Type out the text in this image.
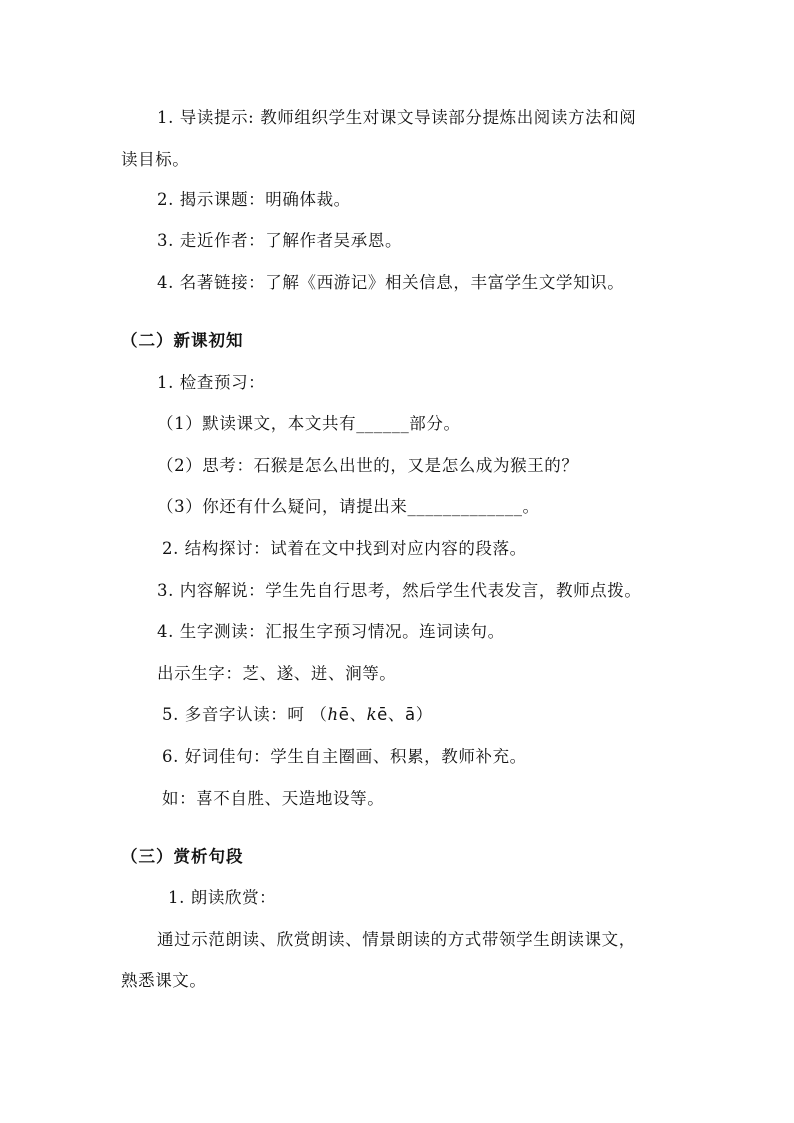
1. 导读提示: 教师组织学生对课文导读部分提炼出阅读方法和阅
读目标。
2. 揭示课题：明确体裁。
3. 走近作者：了解作者吴承恩。
4. 名著链接：了解《西游记》相关信息，丰富学生文学知识。
（二）新课初知
1. 检查预习：
（1）默读课文，本文共有______部分。
（2）思考：石猴是怎么出世的，又是怎么成为猴王的？
（3）你还有什么疑问，请提出来_____________。
2. 结构探讨：试着在文中找到对应内容的段落。
3. 内容解说：学生先自行思考，然后学生代表发言，教师点拨。
4. 生字测读：汇报生字预习情况。连词读句。
出示生字：芝、遂、迸、涧等。
5. 多音字认读：呵 （hē、kē、ā）
6. 好词佳句：学生自主圈画、积累，教师补充。
如：喜不自胜、天造地设等。
（三）赏析句段
1. 朗读欣赏：
通过示范朗读、欣赏朗读、情景朗读的方式带领学生朗读课文，
熟悉课文。
